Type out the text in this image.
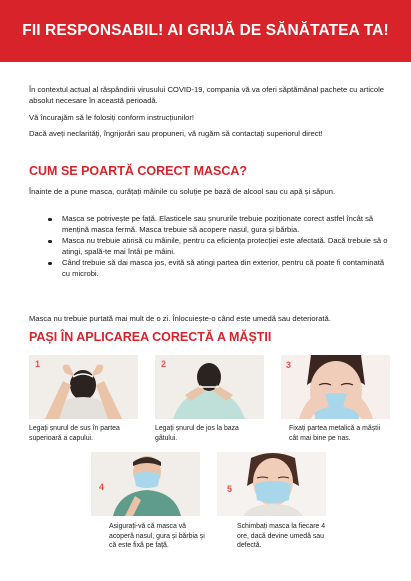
FII RESPONSABIL! AI GRIJĂ DE SĂNĂTATEA TA!

În contextul actual al răspândirii virusului COVID-19, compania vă va oferi săptămânal pachete cu articole absolut necesare în această perioadă.

Vă încurajăm să le folosiți conform instrucțiunilor!

Dacă aveți neclarități, îngrijorări sau propuneri, vă rugăm să contactați superiorul direct!

CUM SE POARTĂ CORECT MASCA?
Înainte de a pune masca, curățați mâinile cu soluție pe bază de alcool sau cu apă și săpun.
Masca se potrivește pe față. Elasticele sau șnururile trebuie poziționate corect astfel încât să mențină masca fermă. Masca trebuie să acopere nasul, gura și bărbia.
Masca nu trebuie atinsă cu mâinile, pentru ca eficiența protecției este afectată. Dacă trebuie să o atingi, spală-te mai întâi pe mâini.
Când trebuie să dai masca jos, evită să atingi partea din exterior, pentru că poate fi contaminată cu microbi.
Masca nu trebuie purtată mai mult de o zi. Înlocuiește-o când este umedă sau deteriorată.
PAȘI ÎN APLICAREA CORECTĂ A MĂȘTII
1	2	3
4	5
Legați șnurul de sus în partea superioară a capului.
Legați șnurul de jos la baza gâtului.
Fixați partea metalică a măștii cât mai bine pe nas.
Asigurați-vă că masca vă acoperă nasul, gura și bărbia și că este fixă pe față.
Schimbați masca la fiecare 4 ore, dacă devine umedă sau defectă.
